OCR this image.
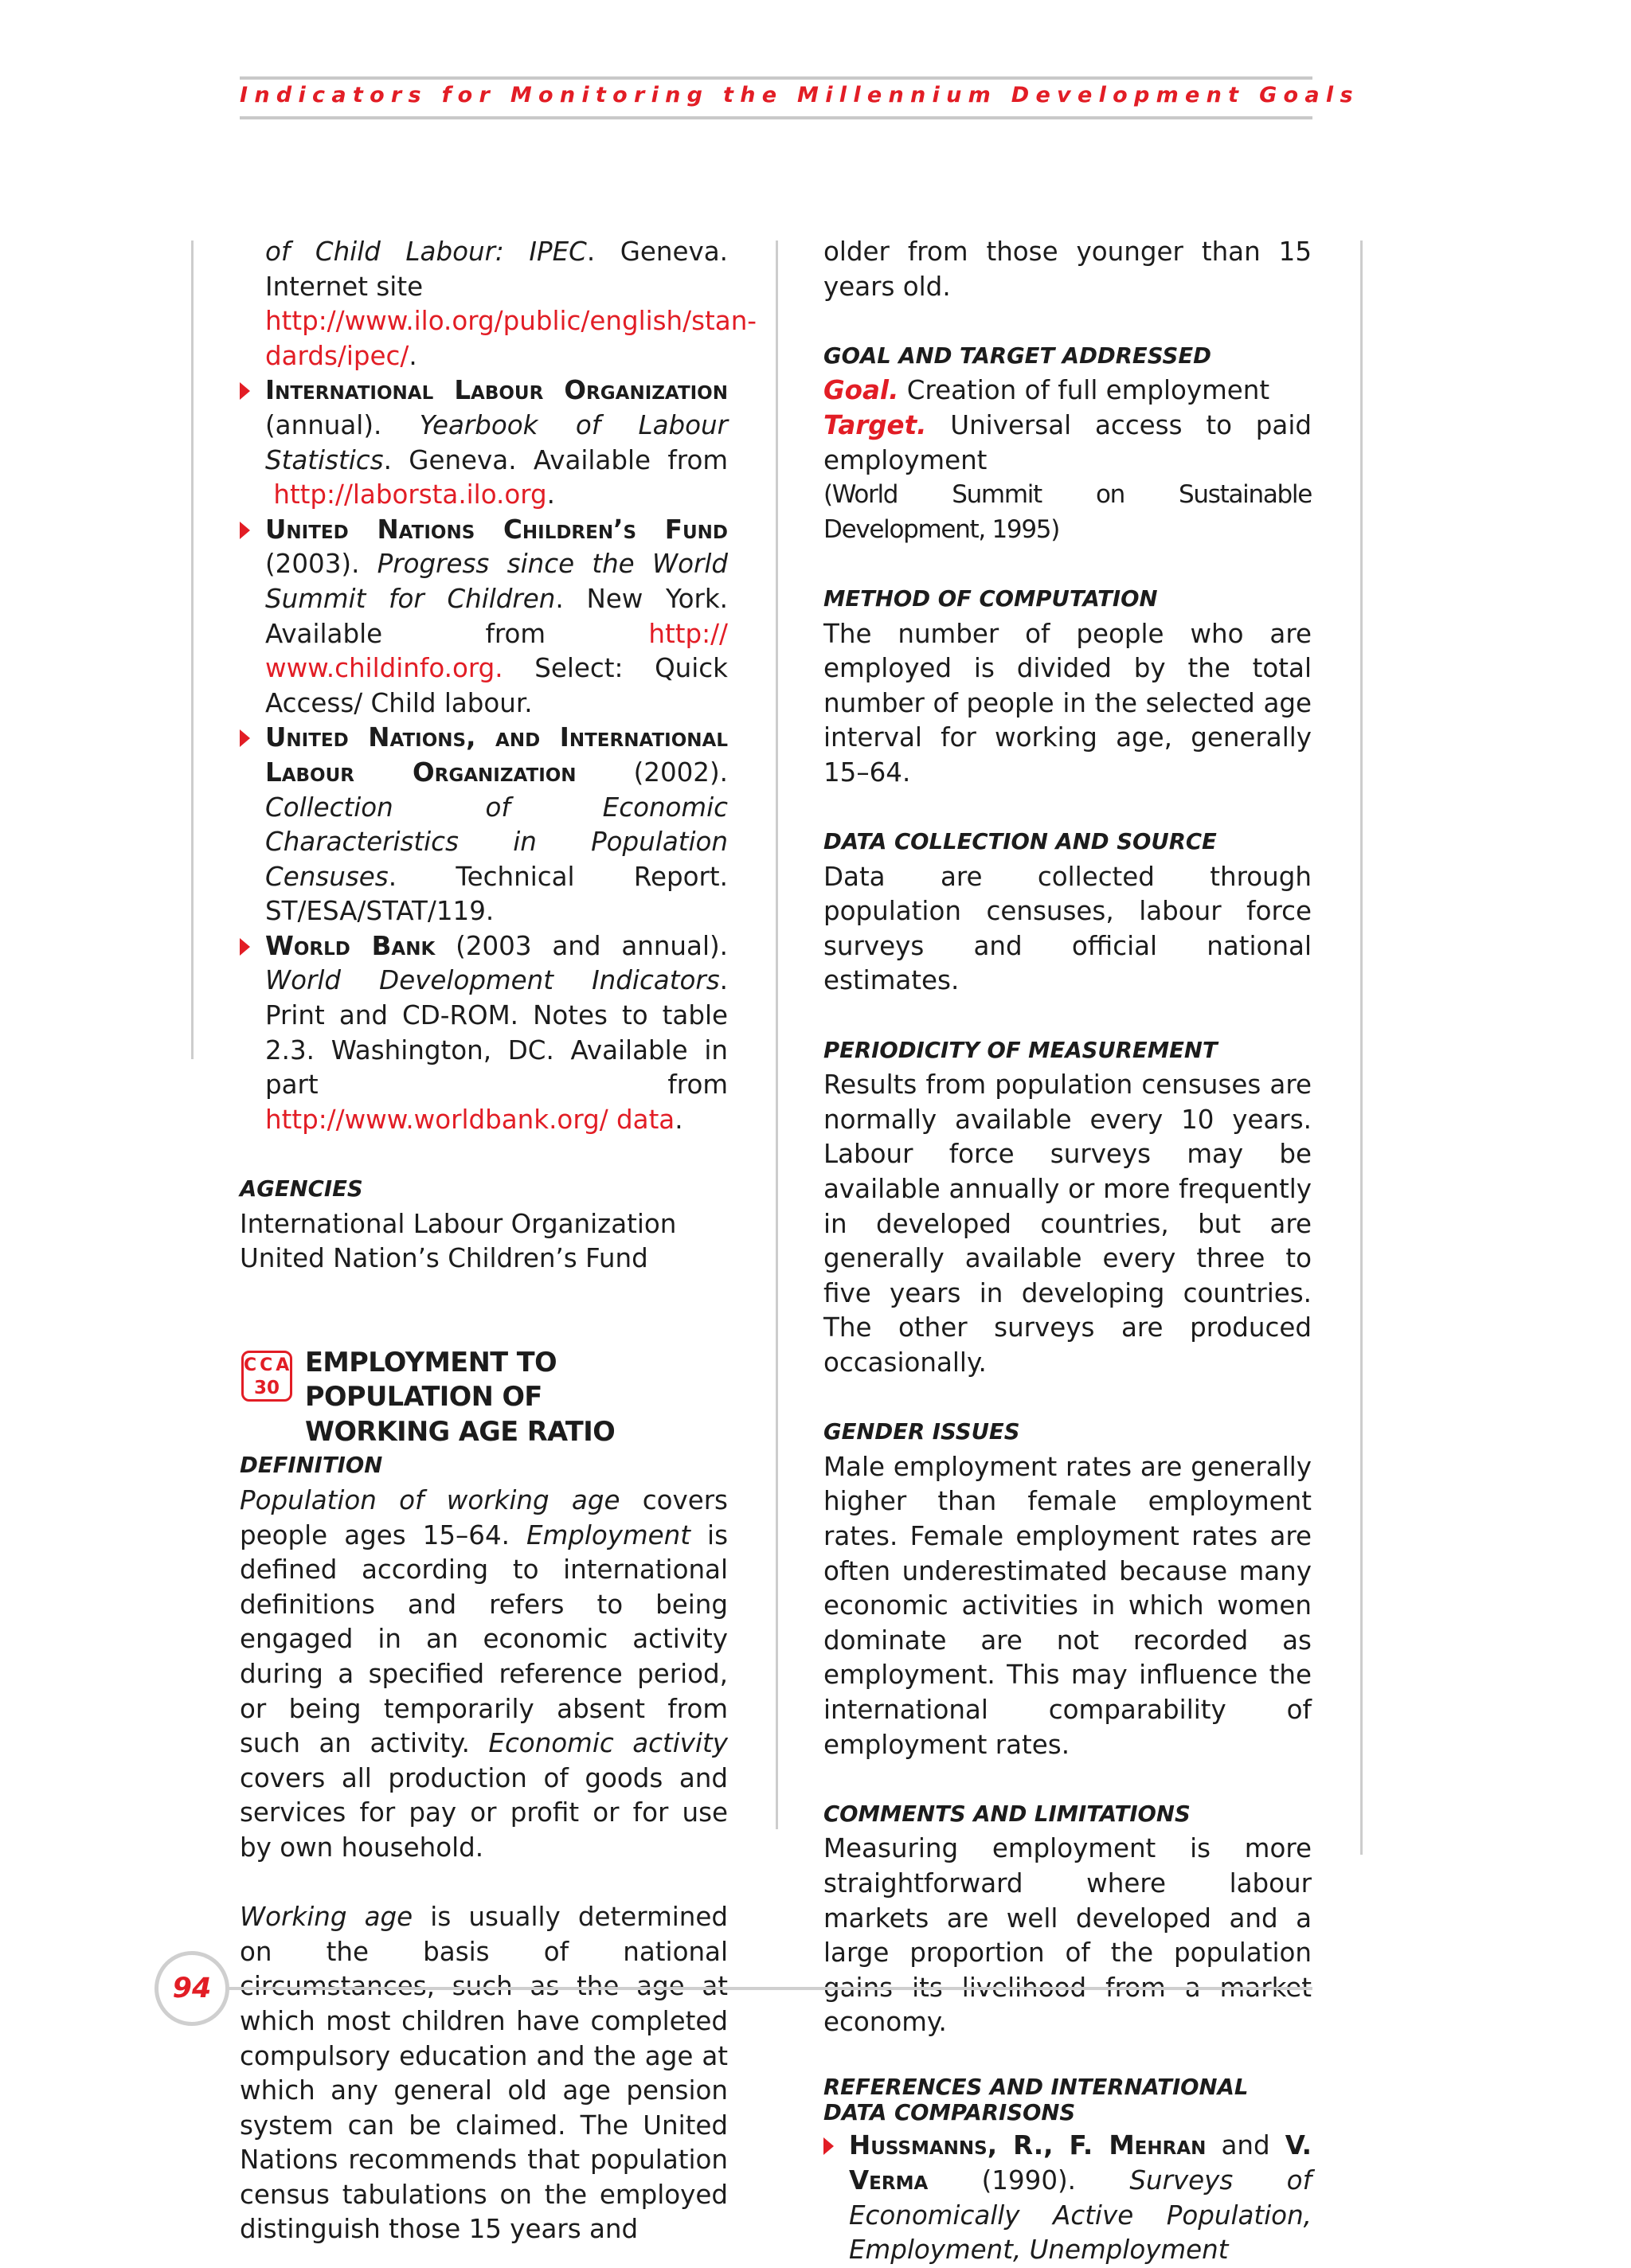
Indicators for Monitoring the Millennium Development Goals

of Child Labour: IPEC. Geneva. Internet site
http://www.ilo.org/public/english/stan-
dards/ipec/.

International Labour Organization (annual). Yearbook of Labour Statistics. Geneva. Available from  http://laborsta.ilo.org.
United Nations Children’s Fund (2003). Progress since the World Summit for Children. New York. Available from http:// www.childinfo.org. Select: Quick Access/ Child labour.
United Nations, and International Labour Organization (2002). Collection of Economic Characteristics in Population Censuses. Technical Report. ST/ESA/STAT/119.
World Bank (2003 and annual). World Development Indicators. Print and CD-ROM. Notes to table 2.3. Washington, DC. Available in part from http://www.worldbank.org/ data.

AGENCIES

International Labour Organization

United Nation’s Children’s Fund

CCA
30
EMPLOYMENT TO POPULATION OF
WORKING AGE RATIO

DEFINITION

Population of working age covers people ages 15–64. Employment is defined according to international definitions and refers to being engaged in an economic activity during a specified reference period, or being temporarily absent from such an activity. Economic activity covers all production of goods and services for pay or profit or for use by own household.

Working age is usually determined on the basis of national circumstances, such as the age at which most children have completed compulsory education and the age at which any general old age pension system can be claimed. The United Nations recommends that population census tabulations on the employed distinguish those 15 years and

older from those younger than 15 years old.

GOAL AND TARGET ADDRESSED

Goal. Creation of full employment

Target. Universal access to paid employment

(World Summit on Sustainable Development, 1995)

METHOD OF COMPUTATION

The number of people who are employed is divided by the total number of people in the selected age interval for working age, generally 15–64.

DATA COLLECTION AND SOURCE

Data are collected through population censuses, labour force surveys and official national estimates.

PERIODICITY OF MEASUREMENT

Results from population censuses are normally available every 10 years. Labour force surveys may be available annually or more frequently in developed countries, but are generally available every three to five years in developing countries. The other surveys are produced occasionally.

GENDER ISSUES

Male employment rates are generally higher than female employment rates. Female employment rates are often underestimated because many economic activities in which women dominate are not recorded as employment. This may influence the international comparability of employment rates.

COMMENTS AND LIMITATIONS

Measuring employment is more straightforward where labour markets are well developed and a large proportion of the population gains its livelihood from a market economy.

REFERENCES AND INTERNATIONAL DATA COMPARISONS

Hussmanns, R., F. Mehran and V. Verma (1990). Surveys of Economically Active Population, Employment, Unemployment
94
